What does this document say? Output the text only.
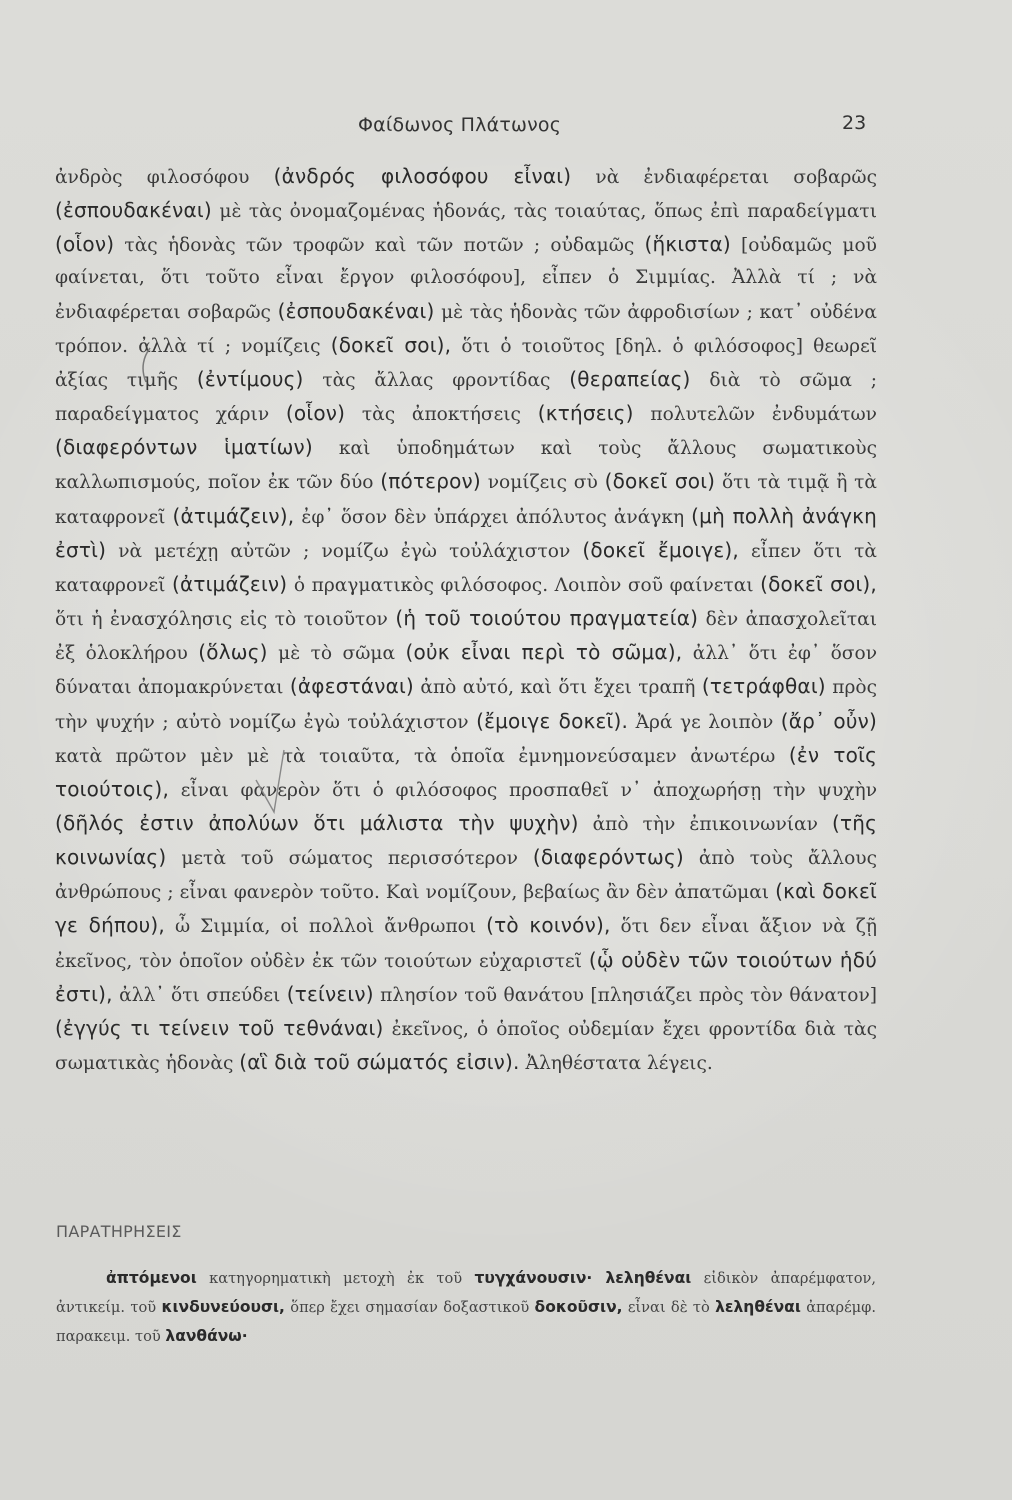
Φαίδωνος Πλάτωνος	23

ἀνδρὸς φιλοσόφου (ἀνδρός φιλοσόφου εἶναι) νὰ ἐνδιαφέρεται σοβαρῶς (ἐσπουδακέναι) μὲ τὰς ὀνομαζομένας ἡδονάς, τὰς τοιαύτας, ὅπως ἐπὶ παραδείγματι (οἷον) τὰς ἡδονὰς τῶν τροφῶν καὶ τῶν ποτῶν ; οὐδαμῶς (ἥκιστα) [οὐδαμῶς μοῦ φαίνεται, ὅτι τοῦτο εἶναι ἔργον φιλοσόφου], εἶπεν ὁ Σιμμίας. Ἀλλὰ τί ; νὰ ἐνδιαφέρεται σοβαρῶς (ἐσπουδακέναι) μὲ τὰς ἡδονὰς τῶν ἀφροδισίων ; κατ᾽ οὐδένα τρόπον. ἀλλὰ τί ; νομίζεις (δοκεῖ σοι), ὅτι ὁ τοιοῦτος [δηλ. ὁ φιλόσοφος] θεωρεῖ ἀξίας τιμῆς (ἐντίμους) τὰς ἄλλας φροντίδας (θεραπείας) διὰ τὸ σῶμα ; παραδείγματος χάριν (οἷον) τὰς ἀποκτήσεις (κτήσεις) πολυτελῶν ἐνδυμάτων (διαφερόντων ἱματίων) καὶ ὑποδημάτων καὶ τοὺς ἄλλους σωματικοὺς καλλωπισμούς, ποῖον ἐκ τῶν δύο (πότερον) νομίζεις σὺ (δοκεῖ σοι) ὅτι τὰ τιμᾷ ἢ τὰ καταφρονεῖ (ἀτιμάζειν), ἐφ᾽ ὅσον δὲν ὑπάρχει ἀπόλυτος ἀνάγκη (μὴ πολλὴ ἀνάγκη ἐστὶ) νὰ μετέχῃ αὐτῶν ; νομίζω ἐγὼ τοὐλάχιστον (δοκεῖ ἔμοιγε), εἶπεν ὅτι τὰ καταφρονεῖ (ἀτιμάζειν) ὁ πραγματικὸς φιλόσοφος. Λοιπὸν σοῦ φαίνεται (δοκεῖ σοι), ὅτι ἡ ἐνασχόλησις εἰς τὸ τοιοῦτον (ἡ τοῦ τοιούτου πραγματεία) δὲν ἀπασχολεῖται ἐξ ὁλοκλήρου (ὅλως) μὲ τὸ σῶμα (οὐκ εἶναι περὶ τὸ σῶμα), ἀλλ᾽ ὅτι ἐφ᾽ ὅσον δύναται ἀπομακρύνεται (ἀφεστάναι) ἀπὸ αὐτό, καὶ ὅτι ἔχει τραπῆ (τετράφθαι) πρὸς τὴν ψυχήν ; αὐτὸ νομίζω ἐγὼ τοὐλάχιστον (ἔμοιγε δοκεῖ). Ἀρά γε λοιπὸν (ἄρ᾽ οὖν) κατὰ πρῶτον μὲν μὲ τὰ τοιαῦτα, τὰ ὁποῖα ἐμνημονεύσαμεν ἀνωτέρω (ἐν τοῖς τοιούτοις), εἶναι φανερὸν ὅτι ὁ φιλόσοφος προσπαθεῖ ν᾽ ἀποχωρήσῃ τὴν ψυχὴν (δῆλός ἐστιν ἀπολύων ὅτι μάλιστα τὴν ψυχὴν) ἀπὸ τὴν ἐπικοινωνίαν (τῆς κοινωνίας) μετὰ τοῦ σώματος περισσότερον (διαφερόντως) ἀπὸ τοὺς ἄλλους ἀνθρώπους ; εἶναι φανερὸν τοῦτο. Καὶ νομίζουν, βεβαίως ἂν δὲν ἀπατῶμαι (καὶ δοκεῖ γε δήπου), ὦ Σιμμία, οἱ πολλοὶ ἄνθρωποι (τὸ κοινόν), ὅτι δεν εἶναι ἄξιον νὰ ζῇ ἐκεῖνος, τὸν ὁποῖον οὐδὲν ἐκ τῶν τοιούτων εὐχαριστεῖ (ᾧ οὐδὲν τῶν τοιούτων ἡδύ ἐστι), ἀλλ᾽ ὅτι σπεύδει (τείνειν) πλησίον τοῦ θανάτου [πλησιάζει πρὸς τὸν θάνατον] (ἐγγύς τι τείνειν τοῦ τεθνάναι) ἐκεῖνος, ὁ ὁποῖος οὐδεμίαν ἔχει φροντίδα διὰ τὰς σωματικὰς ἡδονὰς (αἳ διὰ τοῦ σώματός εἰσιν). Ἀληθέστατα λέγεις.

ΠΑΡΑΤΗΡΗΣΕΙΣ

ἀπτόμενοι κατηγορηματικὴ μετοχὴ ἐκ τοῦ τυγχάνουσιν· λεληθέναι εἰδικὸν ἀπαρέμφατον, ἀντικείμ. τοῦ κινδυνεύουσι, ὅπερ ἔχει σημασίαν δοξαστικοῦ δοκοῦσιν, εἶναι δὲ τὸ λεληθέναι ἀπαρέμφ. παρακειμ. τοῦ λανθάνω·
